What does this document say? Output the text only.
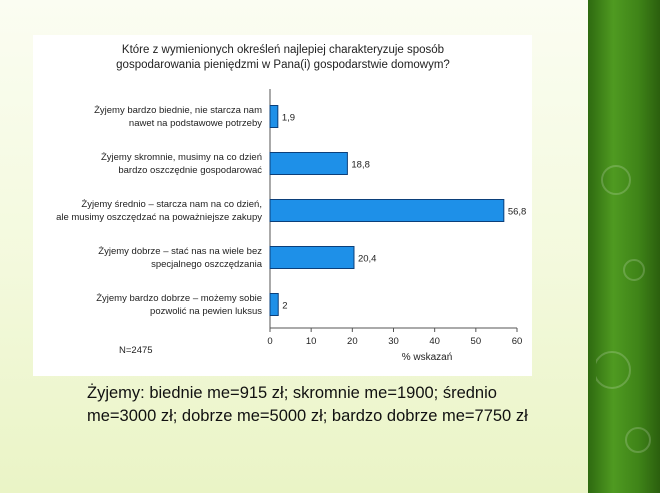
Które z wymienionych określeń najlepiej charakteryzuje sposób
gospodarowania pieniędzmi w Pana(i) gospodarstwie domowym?
0	10	20	30	40	50	60
Żyjemy bardzo biednie, nie starcza nam
nawet na podstawowe potrzeby
Żyjemy skromnie, musimy na co dzień
bardzo oszczędnie gospodarować
Żyjemy średnio – starcza nam na co dzień,
ale musimy oszczędzać na poważniejsze zakupy
Żyjemy dobrze – stać nas na wiele bez
specjalnego oszczędzania
Żyjemy bardzo dobrze – możemy sobie
pozwolić na pewien luksus
1,9
18,8
56,8
20,4
2
% wskazań
N=2475
Żyjemy: biednie me=915 zł; skromnie me=1900; średnio
me=3000 zł; dobrze me=5000 zł; bardzo dobrze me=7750 zł
